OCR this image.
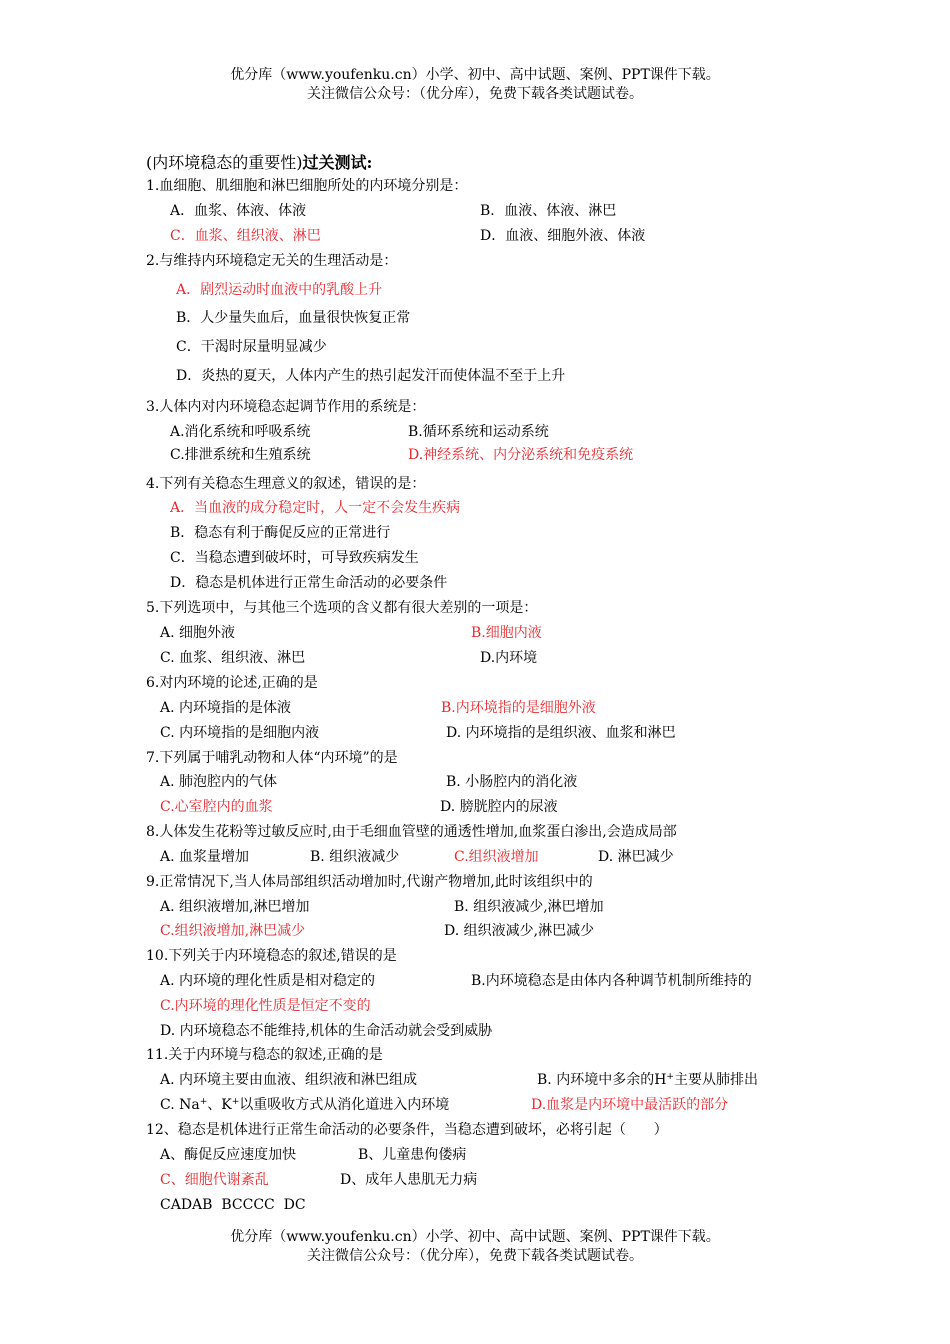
优分库（www.youfenku.cn）小学、初中、高中试题、案例、PPT课件下载。
关注微信公众号：（优分库），免费下载各类试题试卷。
(内环境稳态的重要性)过关测试:
1.血细胞、肌细胞和淋巴细胞所处的内环境分别是：
A．血浆、体液、体液	B．血液、体液、淋巴
C．血浆、组织液、淋巴	D．血液、细胞外液、体液
2.与维持内环境稳定无关的生理活动是：
A．剧烈运动时血液中的乳酸上升
B．人少量失血后，血量很快恢复正常
C．干渴时尿量明显减少
D．炎热的夏天，人体内产生的热引起发汗而使体温不至于上升
3.人体内对内环境稳态起调节作用的系统是：
A.消化系统和呼吸系统	B.循环系统和运动系统
C.排泄系统和生殖系统	D.神经系统、内分泌系统和免疫系统
4.下列有关稳态生理意义的叙述，错误的是：
A．当血液的成分稳定时，人一定不会发生疾病
B．稳态有利于酶促反应的正常进行
C．当稳态遭到破坏时，可导致疾病发生
D．稳态是机体进行正常生命活动的必要条件
5.下列选项中，与其他三个选项的含义都有很大差别的一项是：
A. 细胞外液	B.细胞内液
C. 血浆、组织液、淋巴	D.内环境
6.对内环境的论述,正确的是
A. 内环境指的是体液	B.内环境指的是细胞外液
C. 内环境指的是细胞内液	D. 内环境指的是组织液、血浆和淋巴
7.下列属于哺乳动物和人体“内环境”的是
A. 肺泡腔内的气体	B. 小肠腔内的消化液
C.心室腔内的血浆	D. 膀胱腔内的尿液
8.人体发生花粉等过敏反应时,由于毛细血管壁的通透性增加,血浆蛋白渗出,会造成局部
A. 血浆量增加	B. 组织液减少	C.组织液增加	D. 淋巴减少
9.正常情况下,当人体局部组织活动增加时,代谢产物增加,此时该组织中的
A. 组织液增加,淋巴增加	B. 组织液减少,淋巴增加
C.组织液增加,淋巴减少	D. 组织液减少,淋巴减少
10.下列关于内环境稳态的叙述,错误的是
A. 内环境的理化性质是相对稳定的	B.内环境稳态是由体内各种调节机制所维持的
C.内环境的理化性质是恒定不变的
D. 内环境稳态不能维持,机体的生命活动就会受到威胁
11.关于内环境与稳态的叙述,正确的是
A. 内环境主要由血液、组织液和淋巴组成	B. 内环境中多余的H+主要从肺排出
C. Na+、K+以重吸收方式从消化道进入内环境	D.血浆是内环境中最活跃的部分
12、稳态是机体进行正常生命活动的必要条件，当稳态遭到破坏，必将引起（　　）
A、酶促反应速度加快	B、儿童患佝偻病
C、细胞代谢紊乱	D、成年人患肌无力病
CADAB  BCCCC  DC
优分库（www.youfenku.cn）小学、初中、高中试题、案例、PPT课件下载。
关注微信公众号：（优分库），免费下载各类试题试卷。
